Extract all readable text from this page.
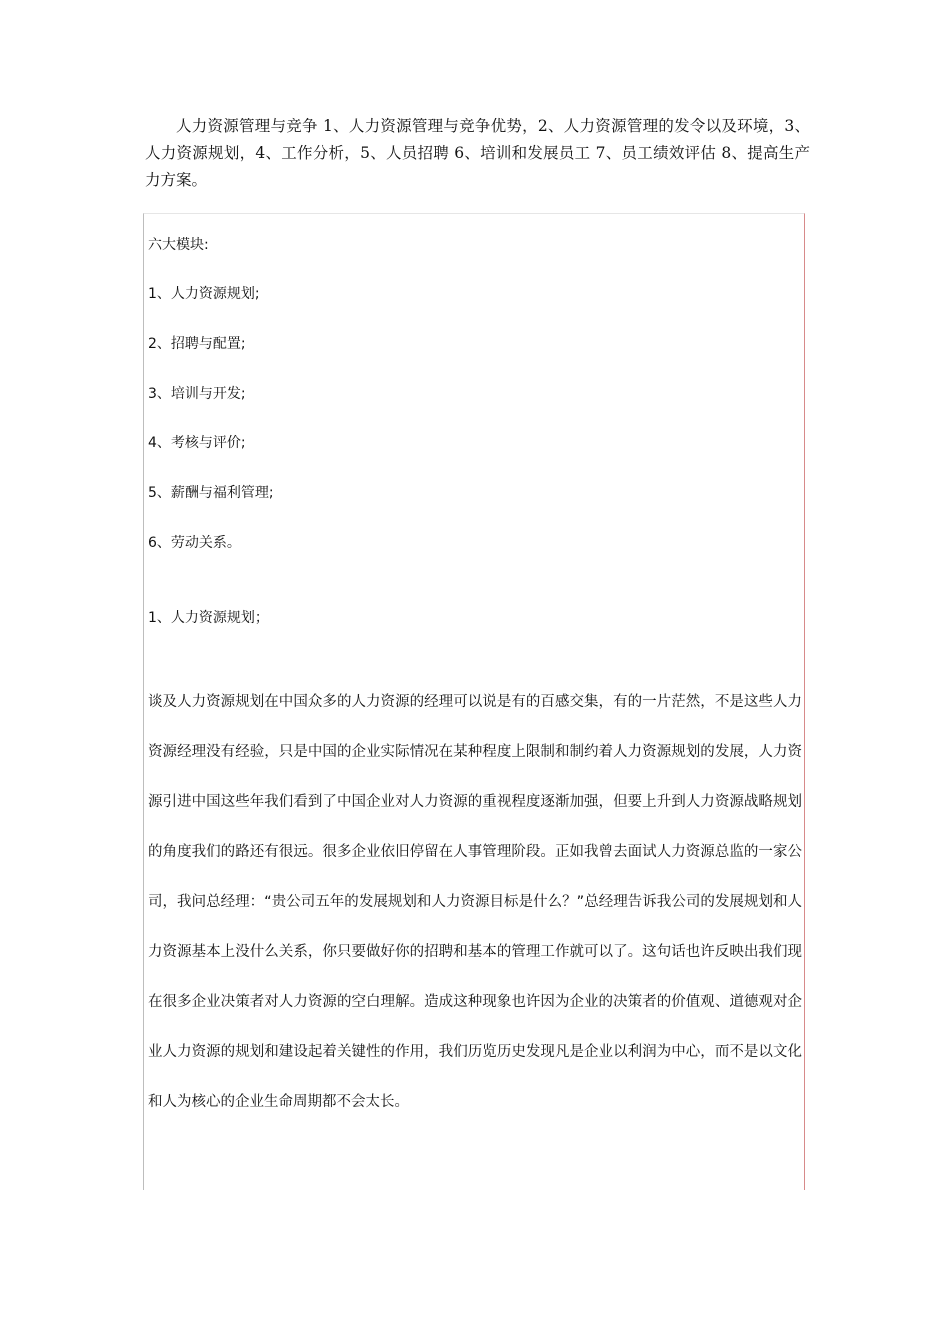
人力资源管理与竞争 1、人力资源管理与竞争优势，2、人力资源管理的发令以及环境，3、人力资源规划，4、工作分析，5、人员招聘 6、培训和发展员工 7、员工绩效评估 8、提高生产力方案。

六大模块:
1、人力资源规划;
2、招聘与配置;
3、培训与开发;
4、考核与评价;
5、薪酬与福利管理;
6、劳动关系。
1、人力资源规划；
谈及人力资源规划在中国众多的人力资源的经理可以说是有的百感交集，有的一片茫然，不是这些人力资源经理没有经验，只是中国的企业实际情况在某种程度上限制和制约着人力资源规划的发展，人力资源引进中国这些年我们看到了中国企业对人力资源的重视程度逐渐加强，但要上升到人力资源战略规划的角度我们的路还有很远。很多企业依旧停留在人事管理阶段。正如我曾去面试人力资源总监的一家公司，我问总经理：“贵公司五年的发展规划和人力资源目标是什么？”总经理告诉我公司的发展规划和人力资源基本上没什么关系，你只要做好你的招聘和基本的管理工作就可以了。这句话也许反映出我们现在很多企业决策者对人力资源的空白理解。造成这种现象也许因为企业的决策者的价值观、道德观对企业人力资源的规划和建设起着关键性的作用，我们历览历史发现凡是企业以利润为中心，而不是以文化和人为核心的企业生命周期都不会太长。
